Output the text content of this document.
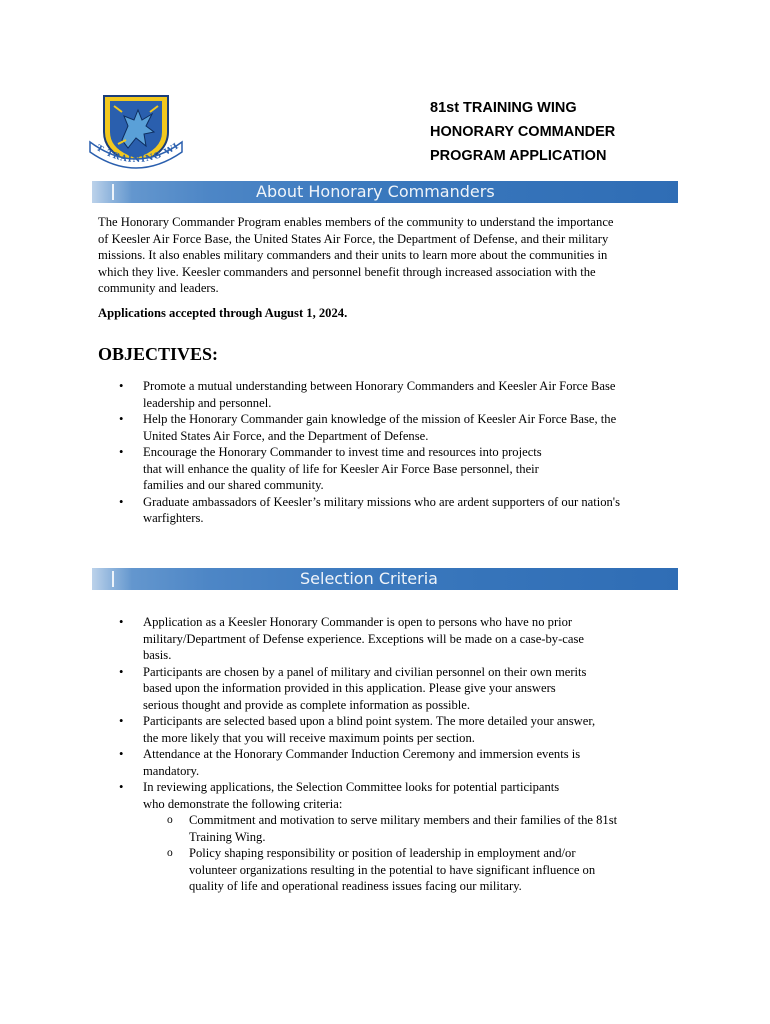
T TRAINING WI
81st TRAINING WING
HONORARY COMMANDER
PROGRAM APPLICATION
About Honorary Commanders
The Honorary Commander Program enables members of the community to understand the importance
of Keesler Air Force Base, the United States Air Force, the Department of Defense, and their military
missions. It also enables military commanders and their units to learn more about the communities in
which they live. Keesler commanders and personnel benefit through increased association with the
community and leaders.

Applications accepted through August 1, 2024.

OBJECTIVES:
• Promote a mutual understanding between Honorary Commanders and Keesler Air Force Base
leadership and personnel.
• Help the Honorary Commander gain knowledge of the mission of Keesler Air Force Base, the
United States Air Force, and the Department of Defense.
• Encourage the Honorary Commander to invest time and resources into projects
that will enhance the quality of life for Keesler Air Force Base personnel, their
families and our shared community.
• Graduate ambassadors of Keesler’s military missions who are ardent supporters of our nation's
warfighters.
Selection Criteria
• Application as a Keesler Honorary Commander is open to persons who have no prior
military/Department of Defense experience. Exceptions will be made on a case-by-case
basis.
• Participants are chosen by a panel of military and civilian personnel on their own merits
based upon the information provided in this application. Please give your answers
serious thought and provide as complete information as possible.
• Participants are selected based upon a blind point system. The more detailed your answer,
the more likely that you will receive maximum points per section.
• Attendance at the Honorary Commander Induction Ceremony and immersion events is
mandatory.
• In reviewing applications, the Selection Committee looks for potential participants
who demonstrate the following criteria:
o Commitment and motivation to serve military members and their families of the 81st
Training Wing.
o Policy shaping responsibility or position of leadership in employment and/or
volunteer organizations resulting in the potential to have significant influence on
quality of life and operational readiness issues facing our military.
